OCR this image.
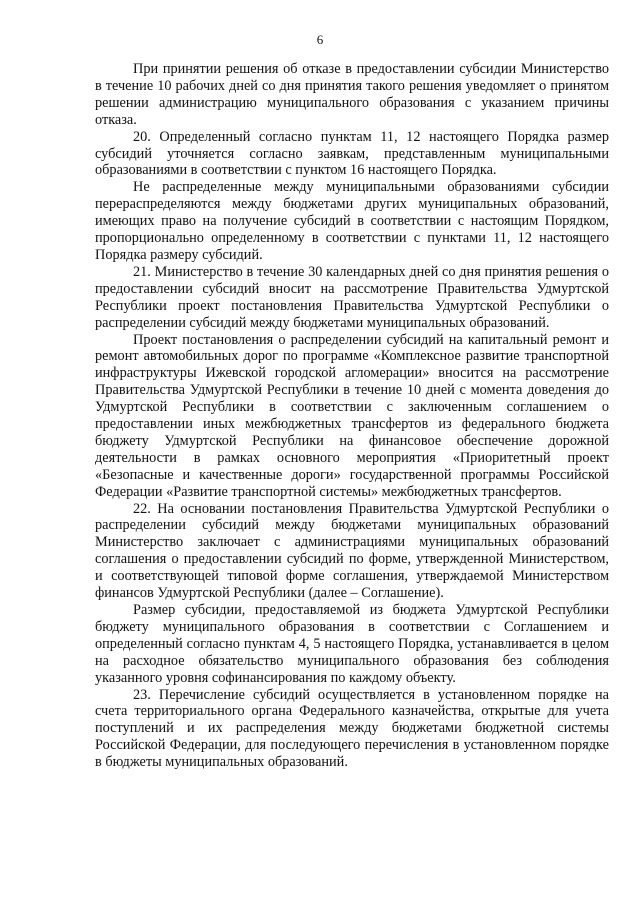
6

При принятии решения об отказе в предоставлении субсидии Министерство в течение 10 рабочих дней со дня принятия такого решения уведомляет о принятом решении администрацию муниципального образования с указанием причины отказа.

20. Определенный согласно пунктам 11, 12 настоящего Порядка размер субсидий уточняется согласно заявкам, представленным муниципальными образованиями в соответствии с пунктом 16 настоящего Порядка.

Не распределенные между муниципальными образованиями субсидии перераспределяются между бюджетами других муниципальных образований, имеющих право на получение субсидий в соответствии с настоящим Порядком, пропорционально определенному в соответствии с пунктами 11, 12 настоящего Порядка размеру субсидий.

21. Министерство в течение 30 календарных дней со дня принятия решения о предоставлении субсидий вносит на рассмотрение Правительства Удмуртской Республики проект постановления Правительства Удмуртской Республики о распределении субсидий между бюджетами муниципальных образований.

Проект постановления о распределении субсидий на капитальный ремонт и ремонт автомобильных дорог по программе «Комплексное развитие транспортной инфраструктуры Ижевской городской агломерации» вносится на рассмотрение Правительства Удмуртской Республики в течение 10 дней с момента доведения до Удмуртской Республики в соответствии с заключенным соглашением о предоставлении иных межбюджетных трансфертов из федерального бюджета бюджету Удмуртской Республики на финансовое обеспечение дорожной деятельности в рамках основного мероприятия «Приоритетный проект «Безопасные и качественные дороги» государственной программы Российской Федерации «Развитие транспортной системы» межбюджетных трансфертов.

22. На основании постановления Правительства Удмуртской Республики о распределении субсидий между бюджетами муниципальных образований Министерство заключает с администрациями муниципальных образований соглашения о предоставлении субсидий по форме, утвержденной Министерством, и соответствующей типовой форме соглашения, утверждаемой Министерством финансов Удмуртской Республики (далее – Соглашение).

Размер субсидии, предоставляемой из бюджета Удмуртской Республики бюджету муниципального образования в соответствии с Соглашением и определенный согласно пунктам 4, 5 настоящего Порядка, устанавливается в целом на расходное обязательство муниципального образования без соблюдения указанного уровня софинансирования по каждому объекту.

23. Перечисление субсидий осуществляется в установленном порядке на счета территориального органа Федерального казначейства, открытые для учета поступлений и их распределения между бюджетами бюджетной системы Российской Федерации, для последующего перечисления в установленном порядке в бюджеты муниципальных образований.
